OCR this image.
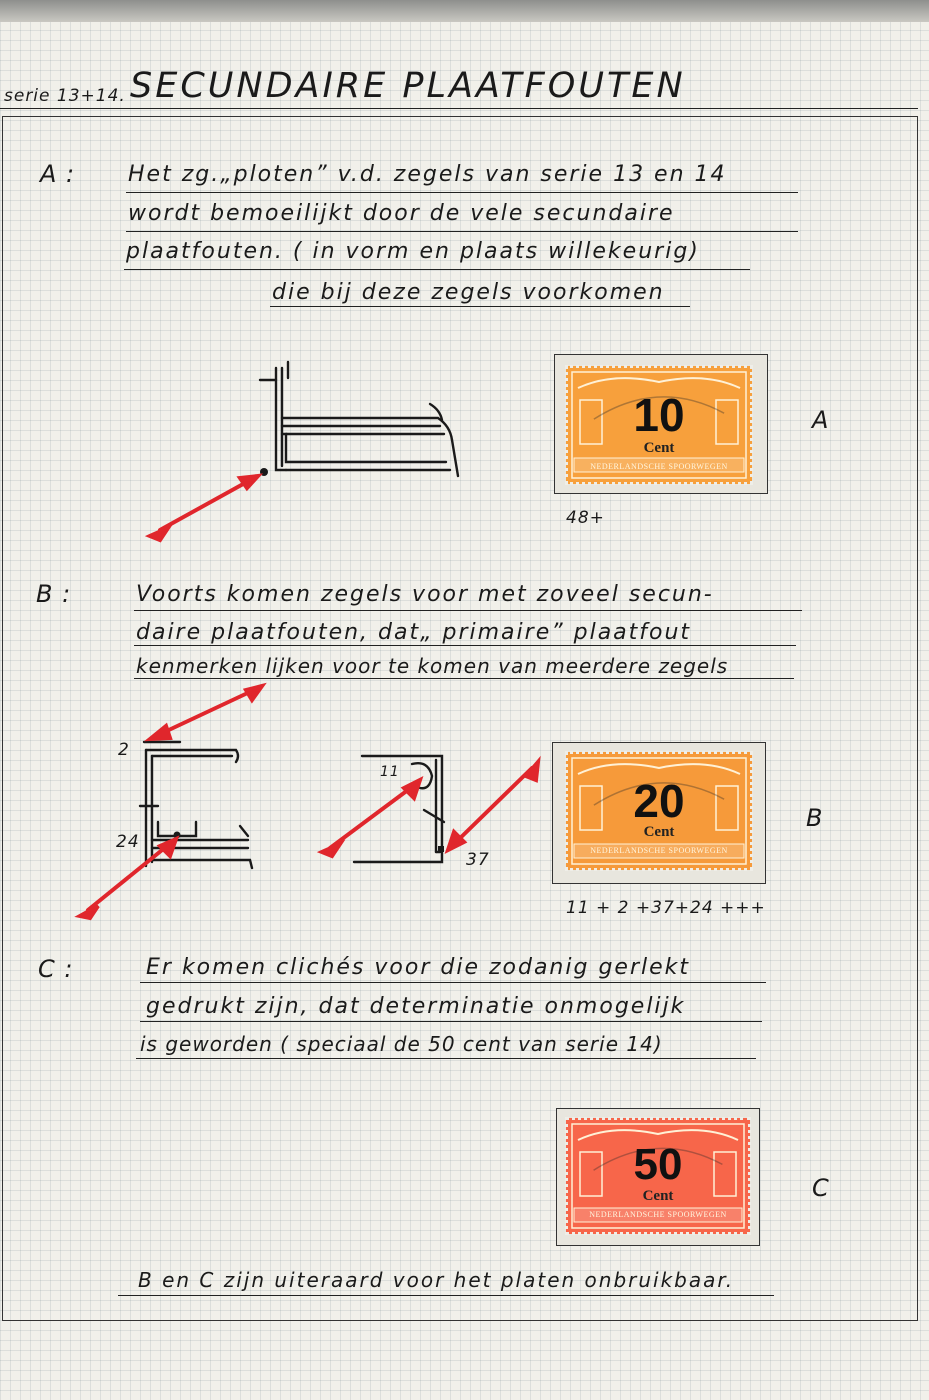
serie 13+14. SECUNDAIRE PLAATFOUTEN
A : Het zg.„ploten” v.d. zegels van serie 13 en 14
wordt bemoeilijkt door de vele secundaire
plaatfouten. ( in vorm en plaats willekeurig)
die bij deze zegels voorkomen
B :	Voorts komen zegels voor met zoveel secun-
daire plaatfouten, dat„ primaire” plaatfout
kenmerken lijken voor te komen van meerdere zegels
C :	Er komen clichés voor die zodanig gerlekt
gedrukt zijn, dat determinatie onmogelijk
is geworden ( speciaal de 50 cent van serie 14)
B en C zijn uiteraard voor het platen onbruikbaar.
10
Cent
NEDERLANDSCHE SPOORWEGEN
A
48+
20
Cent
NEDERLANDSCHE SPOORWEGEN
B
11 + 2 +37+24 +++
50
Cent
NEDERLANDSCHE SPOORWEGEN
C
2
24
11
37
